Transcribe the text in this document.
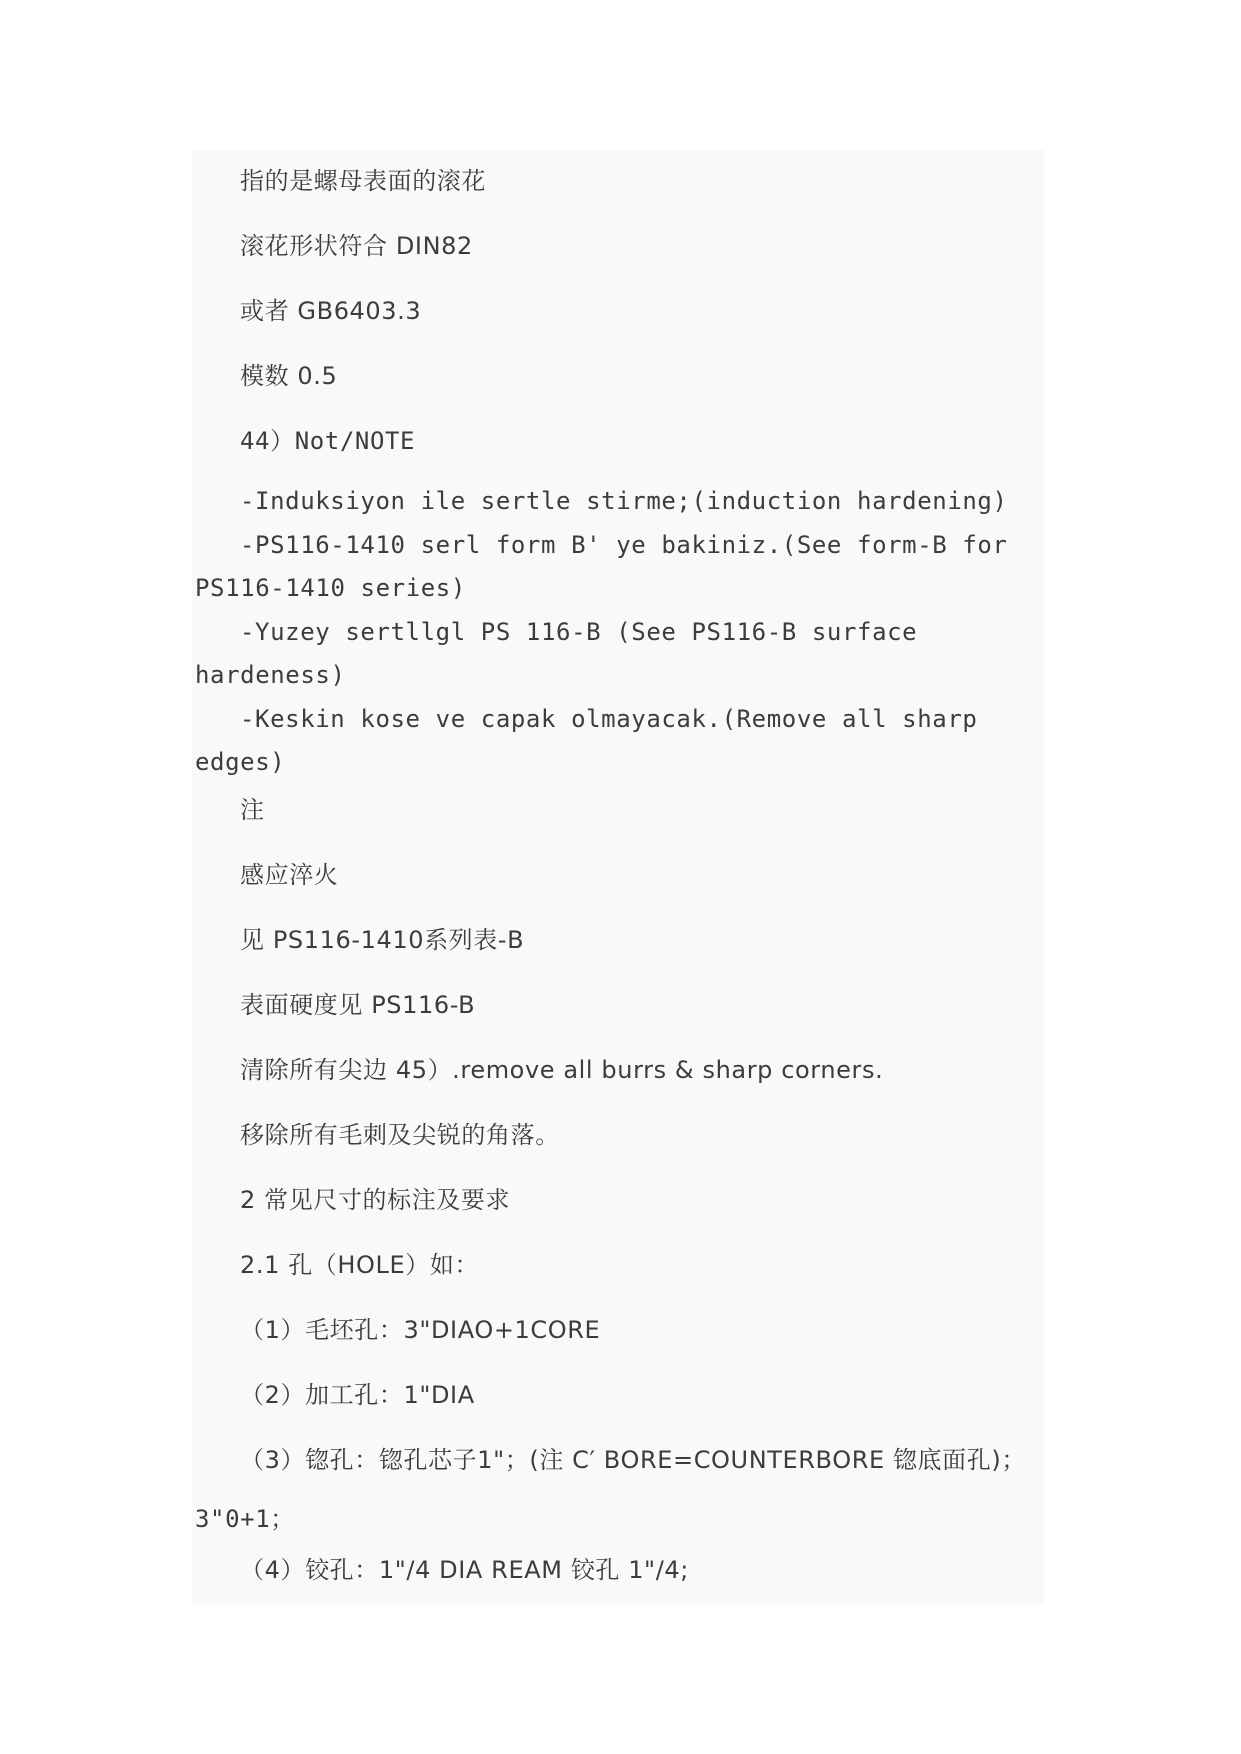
指的是螺母表面的滚花
滚花形状符合 DIN82
或者 GB6403.3
模数 0.5
44）Not/NOTE
-Induksiyon ile sertle stirme;(induction hardening)
-PS116-1410 serl form B' ye bakiniz.(See form-B for
PS116-1410 series)
-Yuzey sertllgl PS 116-B (See PS116-B surface
hardeness)
-Keskin kose ve capak olmayacak.(Remove all sharp
edges)
注
感应淬火
见 PS116-1410系列表-B
表面硬度见 PS116-B
清除所有尖边 45）.remove all burrs & sharp corners.
移除所有毛刺及尖锐的角落。
2 常见尺寸的标注及要求
2.1 孔（HOLE）如：
（1）毛坯孔：3"DIAO+1CORE
（2）加工孔：1"DIA
（3）锪孔：锪孔芯子1"；(注 C′ BORE=COUNTERBORE 锪底面孔)；
3"0+1；
（4）铰孔：1"/4 DIA REAM 铰孔 1"/4;
